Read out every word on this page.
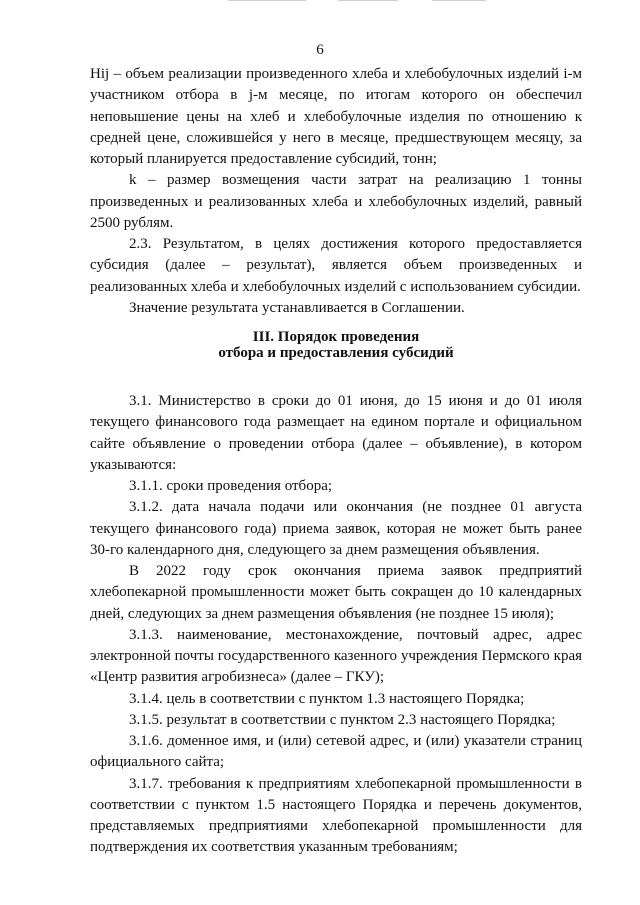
6

Hij – объем реализации произведенного хлеба и хлебобулочных изделий i-м участником отбора в j-м месяце, по итогам которого он обеспечил неповышение цены на хлеб и хлебобулочные изделия по отношению к средней цене, сложившейся у него в месяце, предшествующем месяцу, за который планируется предоставление субсидий, тонн;

k – размер возмещения части затрат на реализацию 1 тонны произведенных и реализованных хлеба и хлебобулочных изделий, равный 2500 рублям.

2.3. Результатом, в целях достижения которого предоставляется субсидия (далее – результат), является объем произведенных и реализованных хлеба и хлебобулочных изделий с использованием субсидии.

Значение результата устанавливается в Соглашении.

III. Порядок проведения
отбора и предоставления субсидий

3.1. Министерство в сроки до 01 июня, до 15 июня и до 01 июля текущего финансового года размещает на едином портале и официальном сайте объявление о проведении отбора (далее – объявление), в котором указываются:

3.1.1. сроки проведения отбора;

3.1.2. дата начала подачи или окончания (не позднее 01 августа текущего финансового года) приема заявок, которая не может быть ранее 30-го календарного дня, следующего за днем размещения объявления.

В 2022 году срок окончания приема заявок предприятий хлебопекарной промышленности может быть сокращен до 10 календарных дней, следующих за днем размещения объявления (не позднее 15 июля);

3.1.3. наименование, местонахождение, почтовый адрес, адрес электронной почты государственного казенного учреждения Пермского края «Центр развития агробизнеса» (далее – ГКУ);

3.1.4. цель в соответствии с пунктом 1.3 настоящего Порядка;

3.1.5. результат в соответствии с пунктом 2.3 настоящего Порядка;

3.1.6. доменное имя, и (или) сетевой адрес, и (или) указатели страниц официального сайта;

3.1.7. требования к предприятиям хлебопекарной промышленности в соответствии с пунктом 1.5 настоящего Порядка и перечень документов, представляемых предприятиями хлебопекарной промышленности для подтверждения их соответствия указанным требованиям;
